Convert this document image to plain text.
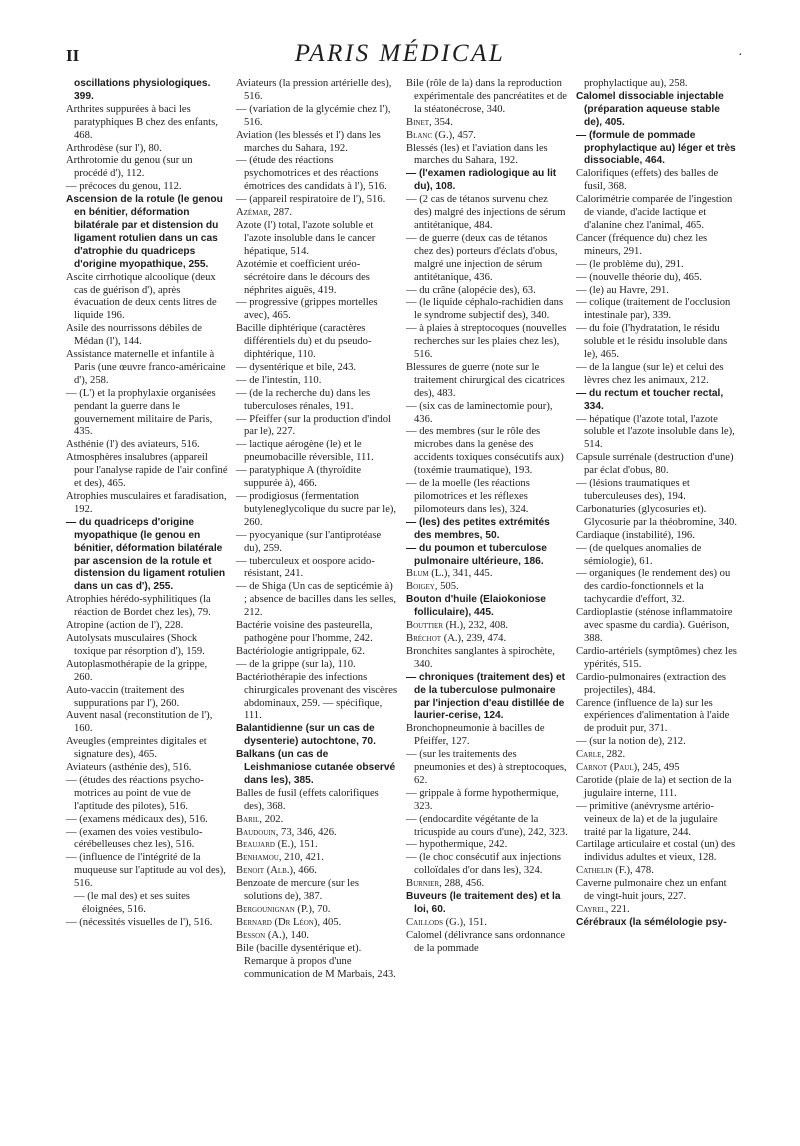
II	PARIS MÉDICAL	·

oscillations physiologiques. 399.

Arthrites suppurées à baci les paratyphiques B chez des enfants, 468.

Arthrodèse (sur l'), 80.

Arthrotomie du genou (sur un procédé d'), 112.

— précoces du genou, 112.

Ascension de la rotule (le genou en bénitier, déformation bilatérale par et distension du ligament rotulien dans un cas d'atrophie du quadriceps d'origine myopathique, 255.

Ascite cirrhotique alcoolique (deux cas de guérison d'), après évacuation de deux cents litres de liquide 196.

Asile des nourrissons débiles de Médan (l'), 144.

Assistance maternelle et infantile à Paris (une œuvre franco-américaine d'), 258.

— (L') et la prophylaxie organisées pendant la guerre dans le gouvernement militaire de Paris, 435.

Asthénie (l') des aviateurs, 516.

Atmosphères insalubres (appareil pour l'analyse rapide de l'air confiné et des), 465.

Atrophies musculaires et faradisation, 192.

— du quadriceps d'origine myopathique (le genou en bénitier, déformation bilatérale par ascension de la rotule et distension du ligament rotulien dans un cas d'), 255.

Atrophies hérédo-syphilitiques (la réaction de Bordet chez les), 79.

Atropine (action de l'), 228.

Autolysats musculaires (Shock toxique par résorption d'), 159.

Autoplasmothérapie de la grippe, 260.

Auto-vaccin (traitement des suppurations par l'), 260.

Auvent nasal (reconstitution de l'), 160.

Aveugles (empreintes digitales et signature des), 465.

Aviateurs (asthénie des), 516.

— (études des réactions psycho-motrices au point de vue de l'aptitude des pilotes), 516.

— (examens médicaux des), 516.

— (examen des voies vestibulo-cérébelleuses chez les), 516.

— (influence de l'intégrité de la muqueuse sur l'aptitude au vol des), 516.

— (le mal des) et ses suites éloignées, 516.

— (nécessités visuelles de l'), 516.

Aviateurs (la pression artérielle des), 516.

— (variation de la glycémie chez l'), 516.

Aviation (les blessés et l') dans les marches du Sahara, 192.

— (étude des réactions psychomotrices et des réactions émotrices des candidats à l'), 516.

— (appareil respiratoire de l'), 516.

Azémar, 287.

Azote (l') total, l'azote soluble et l'azote insoluble dans le cancer hépatique, 514.

Azotémie et coefficient uréo-sécrétoire dans le décours des néphrites aiguës, 419.

— progressive (grippes mortelles avec), 465.

Bacille diphtérique (caractères différentiels du) et du pseudo-diphtérique, 110.

— dysentérique et bile, 243.

— de l'intestin, 110.

— (de la recherche du) dans les tuberculoses rénales, 191.

— Pfeiffer (sur la production d'indol par le), 227.

— lactique aérogène (le) et le pneumobacille réversible, 111.

— paratyphique A (thyroïdite suppurée à), 466.

— prodigiosus (fermentation butyleneglycolique du sucre par le), 260.

— pyocyanique (sur l'antiprotéase du), 259.

— tuberculeux et oospore acido-résistant, 241.

— de Shiga (Un cas de septicémie à) ; absence de bacilles dans les selles, 212.

Bactérie voisine des pasteurella, pathogène pour l'homme, 242.

Bactériologie antigrippale, 62.

— de la grippe (sur la), 110.

Bactériothérapie des infections chirurgicales provenant des viscères abdominaux, 259. — spécifique, 111.

Balantidienne (sur un cas de dysenterie) autochtone, 70.

Balkans (un cas de Leishmaniose cutanée observé dans les), 385.

Balles de fusil (effets calorifiques des), 368.

Baril, 202.

Baudouin, 73, 346, 426.

Beaujard (E.), 151.

Benhamou, 210, 421.

Benoit (Alb.), 466.

Benzoate de mercure (sur les solutions de), 387.

Bergounignan (P.), 70.

Bernard (Dr Léon), 405.

Besson (A.), 140.

Bile (bacille dysentérique et). Remarque à propos d'une communication de M Marbais, 243.

Bile (rôle de la) dans la reproduction expérimentale des pancréatites et de la stéatonécrose, 340.

Binet, 354.

Blanc (G.), 457.

Blessés (les) et l'aviation dans les marches du Sahara, 192.

— (l'examen radiologique au lit du), 108.

— (2 cas de tétanos survenu chez des) malgré des injections de sérum antitétanique, 484.

— de guerre (deux cas de tétanos chez des) porteurs d'éclats d'obus, malgré une injection de sérum antitétanique, 436.

— du crâne (alopécie des), 63.

— (le liquide céphalo-rachidien dans le syndrome subjectif des), 340.

— à plaies à streptocoques (nouvelles recherches sur les plaies chez les), 516.

Blessures de guerre (note sur le traitement chirurgical des cicatrices des), 483.

— (six cas de laminectomie pour), 436.

— des membres (sur le rôle des microbes dans la genèse des accidents toxiques consécutifs aux) (toxémie traumatique), 193.

— de la moelle (les réactions pilomotrices et les réflexes pilomoteurs dans les), 324.

— (les) des petites extrémités des membres, 50.

— du poumon et tuberculose pulmonaire ultérieure, 186.

Blum (L.), 341, 445.

Boigey, 505.

Bouton d'huile (Elaiokoniose folliculaire), 445.

Bouttier (H.), 232, 408.

Bréchot (A.), 239, 474.

Bronchites sanglantes à spirochète, 340.

— chroniques (traitement des) et de la tuberculose pulmonaire par l'injection d'eau distillée de laurier-cerise, 124.

Bronchopneumonie à bacilles de Pfeiffer, 127.

— (sur les traitements des pneumonies et des) à streptocoques, 62.

— grippale à forme hypothermique, 323.

— (endocardite végétante de la tricuspide au cours d'une), 242, 323.

— hypothermique, 242.

— (le choc consécutif aux injections colloïdales d'or dans les), 324.

Burnier, 288, 456.

Buveurs (le traitement des) et la loi, 60.

Caillods (G.), 151.

Calomel (délivrance sans ordonnance de la pommade

prophylactique au), 258.

Calomel dissociable injectable (préparation aqueuse stable de), 405.

— (formule de pommade prophylactique au) léger et très dissociable, 464.

Calorifiques (effets) des balles de fusil, 368.

Calorimétrie comparée de l'ingestion de viande, d'acide lactique et d'alanine chez l'animal, 465.

Cancer (fréquence du) chez les mineurs, 291.

— (le problème du), 291.

— (nouvelle théorie du), 465.

— (le) au Havre, 291.

— colique (traitement de l'occlusion intestinale par), 339.

— du foie (l'hydratation, le résidu soluble et le résidu insoluble dans le), 465.

— de la langue (sur le) et celui des lèvres chez les animaux, 212.

— du rectum et toucher rectal, 334.

— hépatique (l'azote total, l'azote soluble et l'azote insoluble dans le), 514.

Capsule surrénale (destruction d'une) par éclat d'obus, 80.

— (lésions traumatiques et tuberculeuses des), 194.

Carbonaturies (glycosuries et). Glycosurie par la théobromine, 340.

Cardiaque (instabilité), 196.

— (de quelques anomalies de sémiologie), 61.

— organiques (le rendement des) ou des cardio-fonctionnels et la tachycardie d'effort, 32.

Cardioplastie (sténose inflammatoire avec spasme du cardia). Guérison, 388.

Cardio-artériels (symptômes) chez les ypérités, 515.

Cardio-pulmonaires (extraction des projectiles), 484.

Carence (influence de la) sur les expériences d'alimentation à l'aide de produit pur, 371.

— (sur la notion de), 212.

Carle, 282.

Carnot (Paul), 245, 495

Carotide (plaie de la) et section de la jugulaire interne, 111.

— primitive (anévrysme artério-veineux de la) et de la jugulaire traité par la ligature, 244.

Cartilage articulaire et costal (un) des individus adultes et vieux, 128.

Cathelin (F.), 478.

Caverne pulmonaire chez un enfant de vingt-huit jours, 227.

Cayrel, 221.

Cérébraux (la sémélologie psy-
